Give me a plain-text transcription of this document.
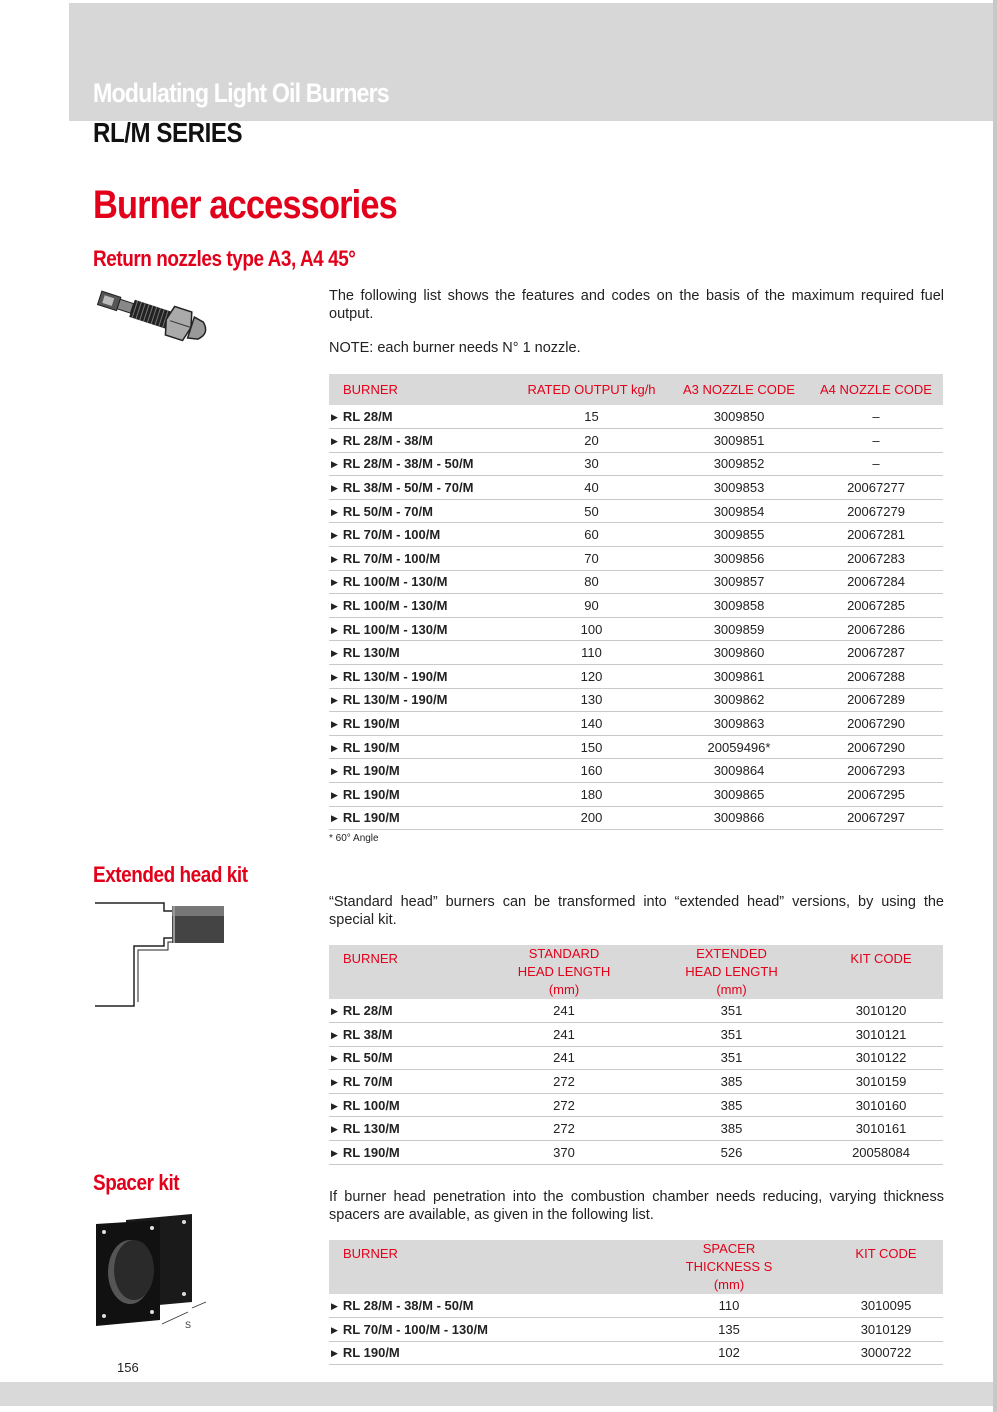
Modulating Light Oil Burners
RL/M SERIES
Burner accessories
Return nozzles type A3, A4 45°
The following list shows the features and codes on the basis of the maximum required fuel output.
NOTE: each burner needs N° 1 nozzle.
BURNER	RATED OUTPUT kg/h	A3 NOZZLE CODE	A4 NOZZLE CODE
▶ RL 28/M	15	3009850	–
▶ RL 28/M - 38/M	20	3009851	–
▶ RL 28/M - 38/M - 50/M	30	3009852	–
▶ RL 38/M - 50/M - 70/M	40	3009853	20067277
▶ RL 50/M - 70/M	50	3009854	20067279
▶ RL 70/M - 100/M	60	3009855	20067281
▶ RL 70/M - 100/M	70	3009856	20067283
▶ RL 100/M - 130/M	80	3009857	20067284
▶ RL 100/M - 130/M	90	3009858	20067285
▶ RL 100/M - 130/M	100	3009859	20067286
▶ RL 130/M	110	3009860	20067287
▶ RL 130/M - 190/M	120	3009861	20067288
▶ RL 130/M - 190/M	130	3009862	20067289
▶ RL 190/M	140	3009863	20067290
▶ RL 190/M	150	20059496*	20067290
▶ RL 190/M	160	3009864	20067293
▶ RL 190/M	180	3009865	20067295
▶ RL 190/M	200	3009866	20067297
* 60° Angle
Extended head kit
“Standard head” burners can be transformed into “extended head” versions, by using the special kit.
BURNER	STANDARD HEAD LENGTH (mm)	EXTENDED HEAD LENGTH (mm)	KIT CODE
▶ RL 28/M	241	351	3010120
▶ RL 38/M	241	351	3010121
▶ RL 50/M	241	351	3010122
▶ RL 70/M	272	385	3010159
▶ RL 100/M	272	385	3010160
▶ RL 130/M	272	385	3010161
▶ RL 190/M	370	526	20058084
Spacer kit
S
If burner head penetration into the combustion chamber needs reducing, varying thickness spacers are available, as given in the following list.
BURNER	SPACER THICKNESS S (mm)	KIT CODE
▶ RL 28/M - 38/M - 50/M	110	3010095
▶ RL 70/M - 100/M - 130/M	135	3010129
▶ RL 190/M	102	3000722
156
